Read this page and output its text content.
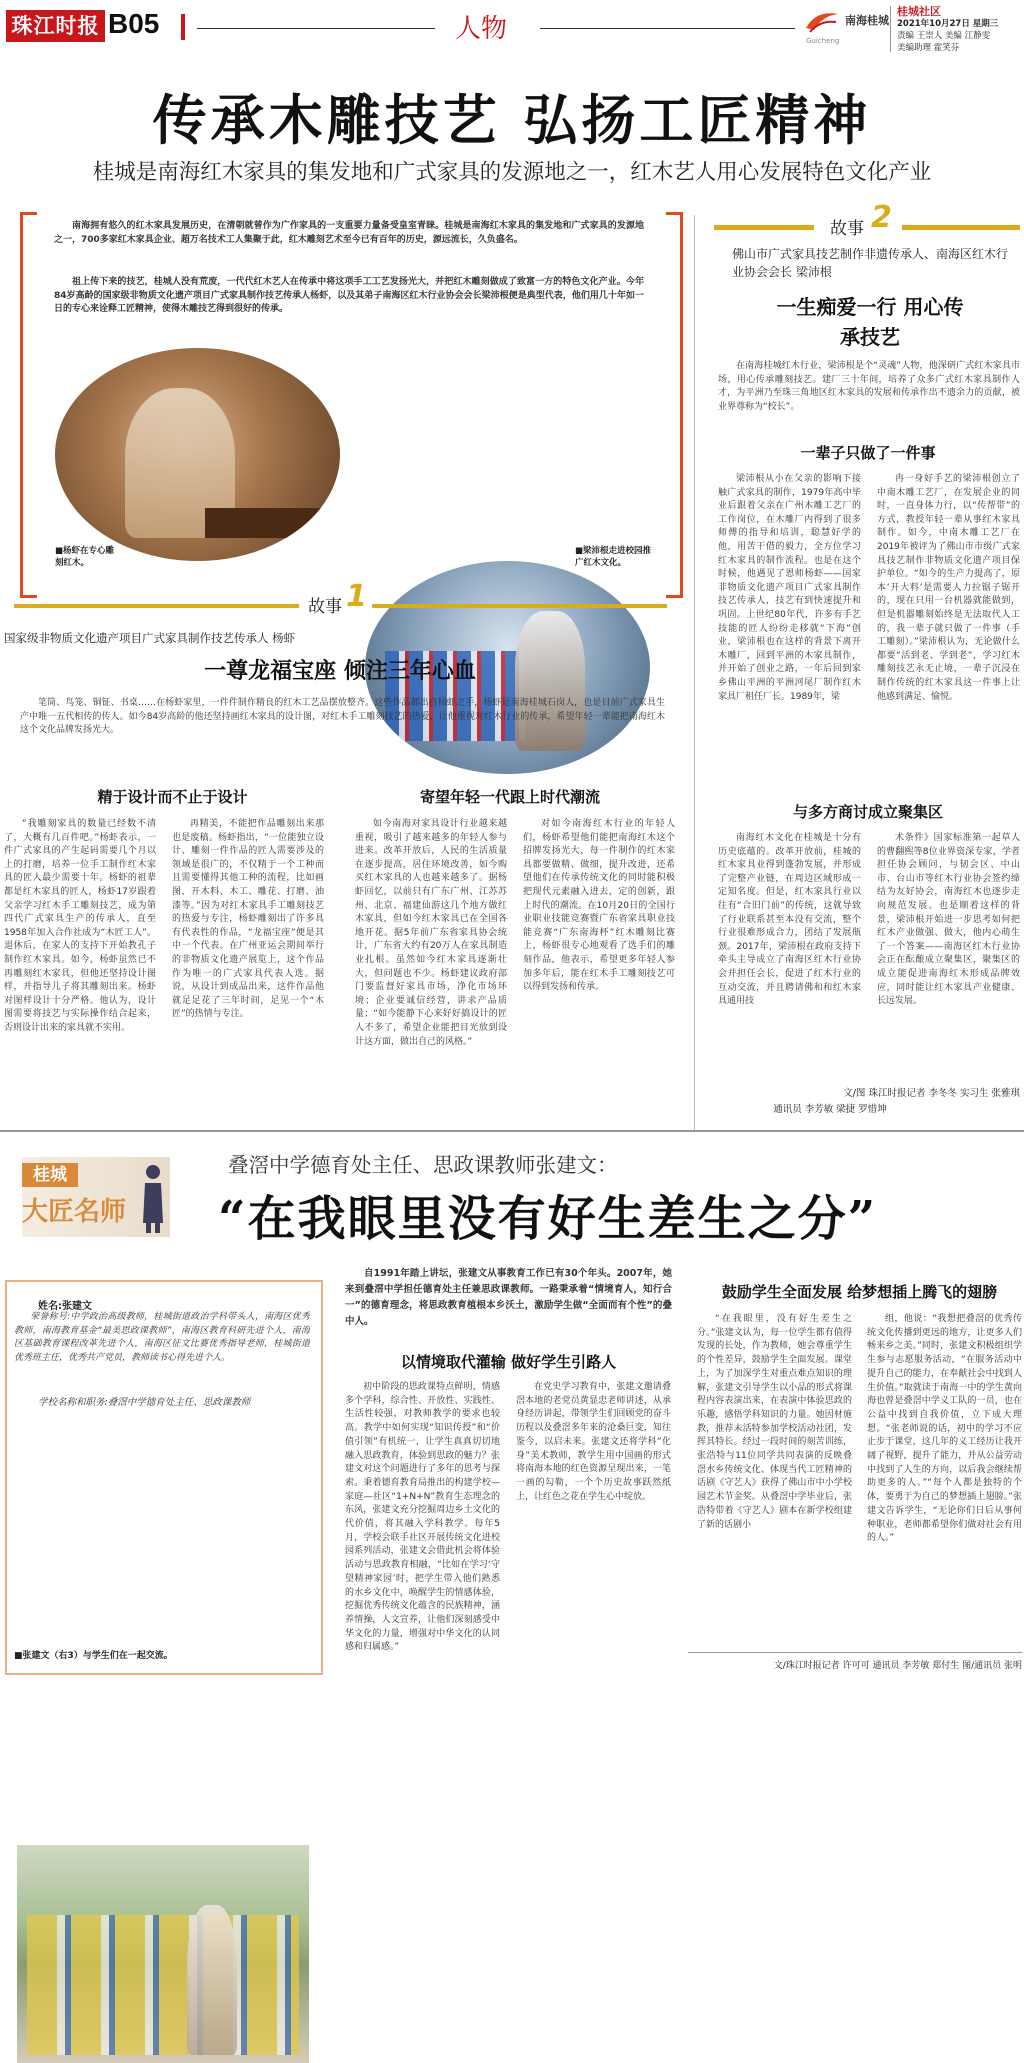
珠江时报 B05	人物	南海桂城
Guicheng
桂城社区
2021年10月27日 星期三
责编 王崇人 美编 江静雯
美编助理 霍笑芬
传承木雕技艺 弘扬工匠精神
桂城是南海红木家具的集发地和广式家具的发源地之一，红木艺人用心发展特色文化产业
南海拥有悠久的红木家具发展历史，在清朝就曾作为广作家具的一支重要力量备受皇室青睐。桂城是南海红木家具的集发地和广式家具的发源地之一，700多家红木家具企业、超万名技术工人集聚于此，红木雕刻艺术至今已有百年的历史，源远流长，久负盛名。
祖上传下来的技艺，桂城人没有荒废，一代代红木艺人在传承中将这项手工工艺发扬光大，并把红木雕刻做成了致富一方的特色文化产业。今年84岁高龄的国家级非物质文化遗产项目广式家具制作技艺传承人杨虾，以及其弟子南海区红木行业协会会长梁沛根便是典型代表，他们用几十年如一日的专心来诠释工匠精神，使得木雕技艺得到很好的传承。
■杨虾在专心雕刻红木。
■梁沛根走进校园推广红木文化。
故事 1
国家级非物质文化遗产项目广式家具制作技艺传承人 杨虾
一尊龙福宝座 倾注三年心血
笔筒、鸟笼、铜钲、书桌……在杨虾家里，一件件制作精良的红木工艺品摆放整齐。这些作品都出自杨虾之手，杨虾是南海桂城石岗人，也是目前广式家具生产中唯一五代相传的传人。如今84岁高龄的他还坚持画红木家具的设计图，对红木手工雕刻技艺的热爱，让他重视对红木行业的传承，希望年轻一辈能把南海红木这个文化品牌发扬光大。
精于设计而不止于设计
“我雕刻家具的数量已经数不清了，大概有几百件吧。”杨虾表示，一件广式家具的产生起码需要几个月以上的打磨，培养一位手工制作红木家具的匠人最少需要十年。杨虾的祖辈都是红木家具的匠人，杨虾17岁跟着父亲学习红木手工雕刻技艺，成为第四代广式家具生产的传承人，直至1958年加入合作社成为“木匠工人”。退休后，在家人的支持下开始教孔子制作红木家具。如今，杨虾虽然已不再雕刻红木家具，但他还坚持设计图样，并指导儿子将其雕刻出来。杨虾对图样设计十分严格。他认为，设计图需要将技艺与实际操作结合起来，否则设计出来的家具就不实用。
再精美，不能把作品雕刻出来那也是废稿。杨虾指出，“一位能独立设计、雕刻一件作品的匠人需要涉及的领域是很广的，不仅精于一个工种而且需要懂得其他工种的流程，比如画图、开木料、木工、雕花、打磨、油漆等。”因为对红木家具手工雕刻技艺的热爱与专注，杨虾雕刻出了许多具有代表性的作品，“龙福宝座”便是其中一个代表。在广州亚运会期间举行的非物质文化遗产展览上，这个作品作为唯一的广式家具代表人选。据说，从设计到成品出来，这件作品他就足足花了三年时间，足见一个“木匠”的热情与专注。
寄望年轻一代跟上时代潮流
如今南海对家具设计行业越来越重视，吸引了越来越多的年轻人参与进来。改革开放后，人民的生活质量在逐步提高，居住环境改善，如今购买红木家具的人也越来越多了。据杨虾回忆，以前只有广东广州、江苏苏州、北京、福建仙游这几个地方做红木家具，但如今红木家具已在全国各地开花。据5年前广东省家具协会统计，广东省大约有20万人在家具制造业扎根。虽然如今红木家具逐渐壮大，但问题也不少。杨虾建议政府部门要监督好家具市场，净化市场环境；企业要诚信经营，讲求产品质量；“如今能静下心来好好搞设计的匠人不多了，希望企业能把目光放到设计这方面，做出自己的风格。”
对如今南海红木行业的年轻人们，杨虾希望他们能把南海红木这个招牌发扬光大，每一件制作的红木家具都要做精、做细，提升改进，还希望他们在传承传统文化的同时能积极把现代元素融入进去，定的创新，跟上时代的潮流。在10月20日的全国行业职业技能竞赛暨广东省家具职业技能竞赛“广东南海杯”红木雕刻比赛上，杨虾很专心地观看了选手们的雕刻作品，他表示，希望更多年轻人参加多年后，能在红木手工雕刻技艺可以得到发扬和传承。
故事 2
佛山市广式家具技艺制作非遗传承人、南海区红木行业协会会长 梁沛根
一生痴爱一行 用心传承技艺
在南海桂城红木行业，梁沛根是个“灵魂”人物，他深研广式红木家具市场，用心传承雕刻技艺。建厂三十年间，培养了众多广式红木家具制作人才，为平洲乃至珠三角地区红木家具的发展和传承作出不遗余力的贡献，被业界尊称为“校长”。
一辈子只做了一件事
梁沛根从小在父亲的影响下接触广式家具的制作，1979年高中毕业后跟着父亲在广州木雕工艺厂的工作岗位，在木雕厂内得到了很多师傅的指导和培训，聪慧好学的他，用苦干借的毅力，全方位学习红木家具的制作流程。也是在这个时候，他遇见了恩师杨虾——国家非物质文化遗产项目广式家具制作技艺传承人，技艺有到快速提升和巩固。上世纪80年代，许多有手艺技能的匠人纷纷走移就“下海”创业，梁沛根也在这样的背景下离开木雕厂，回到平洲的木家具制作，并开始了创业之路，一年后回到家乡佛山平洲的平洲河尾厂制作红木家具厂租任厂长。1989年，梁
冉一身好手艺的梁沛根创立了中南木雕工艺厂，在发展企业的同时，一直身体力行，以“传帮带”的方式，教授年轻一辈从事红木家具制作。如今，中南木雕工艺厂在2019年被评为了佛山市市级广式家具技艺制作非物质文化遗产项目保护单位。“如今的生产力提高了，原本‘开大料’是需要人力拉锯子锯开的，现在只用一台机器就能做到，但是机器雕刻始终是无法取代人工的，我一辈子就只做了一件事（手工雕刻）。”梁沛根认为，无论做什么都要“活到老、学到老”，学习红木雕刻技艺永无止境，一辈子沉浸在制作传统的红木家具这一件事上让他感到满足、愉悦。
与多方商讨成立聚集区
南海红木文化在桂城是十分有历史底蕴的。改革开放前，桂城的红木家具业得到蓬勃发展，并形成了完整产业链，在周边区域形成一定知名度。但是，红木家具行业以往有“合旧门前”的传统，这就导致了行业联系甚至本没有交流，整个行业很难形成合力，团结了发展瓶颈。2017年，梁沛根在政府支持下牵头主导成立了南海区红木行业协会并担任会长，促进了红木行业的互动交流，并且聘请佛和和红木家具通用技
术条件》国家标准第一起草人的曹翻熙等8位业界资深专家，学者担任协会顾问，与韧会区、中山市、台山市等红木行业协会签约缔结为友好协会，南海红木也逐步走向规范发展。也是顺着这样的背景，梁沛根开始进一步思考如何把红木产业做强、做大，他内心萌生了一个答案——南海区红木行业协会正在酝酿成立聚集区，聚集区的成立能促进南海红木形成品牌效应，同时能让红木家具产业健康、长远发展。
文/图 珠江时报记者 李冬冬 实习生 张雅琪
通讯员 李芳敏 梁捷 罗惜坤
桂城
大匠名师
叠滘中学德育处主任、思政课教师张建文：
“在我眼里没有好生差生之分”
姓名:张建文
荣誉称号:中学政治高级教师，桂城街道政治学科带头人，南海区优秀教师，南海教育基金“最美思政课教师”，南海区教育科研先进个人，南海区基础教育课程改革先进个人，南海区征文比赛优秀指导老师，桂城街道优秀班主任，优秀共产党员，教师读书心得先进个人。
学校名称和职务:叠滘中学德育处主任、思政课教师
■张建文（右3）与学生们在一起交流。
自1991年踏上讲坛，张建文从事教育工作已有30个年头。2007年，她来到叠滘中学担任德育处主任兼思政课教师。一路秉承着“情境育人，知行合一”的德育理念，将思政教育植根本乡沃土，激励学生做“全面而有个性”的叠中人。
以情境取代灌输 做好学生引路人
初中阶段的思政课特点鲜明，情感多个学科，综合性、开放性、实践性、生活性较强，对教师教学的要求也较高。教学中如何实现“知识传授”和“价值引领”有机统一，让学生真真切切地融入思政教育，体验到思政的魅力？张建文对这个问题进行了多年的思考与探索。秉着德育教育局推出的构建学校—家庭—社区“1+N+N”教育生态理念的东风，张建文充分挖掘周边乡土文化的代价值，将其融入学科教学。每年5月，学校会联手社区开展传统文化进校园系列活动，张建文会借此机会将体验活动与思政教育相融，“比如在学习‘守望精神家园’时，把学生带入他们熟悉的水乡文化中，唤醒学生的情感体验，挖掘优秀传统文化蕴含的民族精神，涵养情操，人文宣养，让他们深刻感受中华文化的力量，增强对中华文化的认同感和归属感。”
在党史学习教育中，张建文邀请叠滘本地的老党员黄显忠老师讲述，从承身经历讲起，带领学生们回顾党的奋斗历程以及叠滘多年来的沧桑巨变，知往鉴今，以启未来。张建文还将学科“化身”美术教师，教学生用中国画的形式将南海本地的红色资源呈现出来，一笔一画的勾勒，一个个历史故事跃然纸上，让红色之花在学生心中绽放。
鼓励学生全面发展 给梦想插上腾飞的翅膀
“在我眼里，没有好生差生之分。”张建文认为，每一位学生都有值得发现的长处，作为教师，她会尊重学生的个性差异，鼓励学生全面发展。课堂上，为了加深学生对重点难点知识的理解，张建文引导学生以小品的形式将课程内容表演出来，在表演中体验思政的乐趣，感悟学科知识的力量。她因材施教，推荐未活特参加学校活动社团，发挥其特长。经过一段时间的刻苦训练，张浩特与11位同学共同表演的反映叠滘水乡传统文化、体现当代工匠精神的话剧《守艺人》获得了佛山市中小学校园艺术节金奖。从叠滘中学毕业后，张浩特带着《守艺人》剧本在新学校组建了新的话剧小
组，他说：“我想把叠滘的优秀传统文化传播到更远的地方，让更多人们畅来乡之美。”同时，张建文积极组织学生参与志愿服务活动，“在服务活动中提升自己的能力，在奉献社会中找到人生价值。”取就读于南海一中的学生黄向海也曾是叠滘中学义工队的一员，也在公益中找到自我价值，立下成大理想。“张老师说的话，初中的学习不应止步于课堂，这几年的义工经历让我开阔了视野，提升了能力，并从公益劳动中找到了人生的方向，以后我会继续帮助更多的人。”“每个人都是独特的个体，要勇于为自己的梦想插上翅膀。”张建文告诉学生，“无论你们日后从事何种职业，老师都希望你们做对社会有用的人。”
文/珠江时报记者 许可可 通讯员 李芳敏 郑付生 图/通讯员 张明
